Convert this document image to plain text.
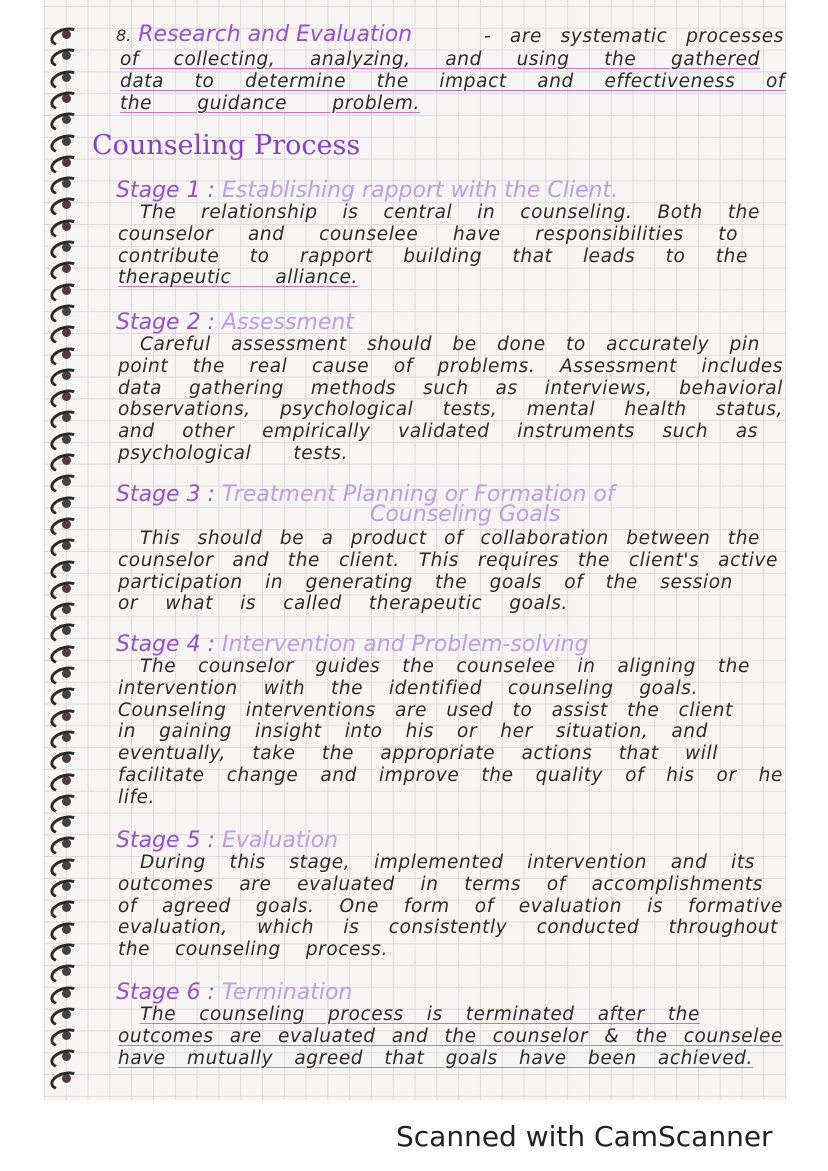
8. Research and Evaluation
Counseling Process
- are systematic processes
of collecting, analyzing, and using the gathered
data to determine the impact and effectiveness of
the guidance problem.
Stage 1 : Establishing rapport with the Client.
The relationship is central in counseling. Both the
counselor and counselee have responsibilities to
contribute to rapport building that leads to the
therapeutic alliance.
Stage 2 : Assessment
Careful assessment should be done to accurately pin
point the real cause of problems. Assessment includes
data gathering methods such as interviews, behavioral
observations, psychological tests, mental health status,
and other empirically validated instruments such as
psychological tests.
Stage 3 : Treatment Planning or Formation of
Counseling Goals
This should be a product of collaboration between the
counselor and the client. This requires the client's active
participation in generating the goals of the session
or what is called therapeutic goals.
Stage 4 : Intervention and Problem-solving
The counselor guides the counselee in aligning the
intervention with the identified counseling goals.
Counseling interventions are used to assist the client
in gaining insight into his or her situation, and
eventually, take the appropriate actions that will
facilitate change and improve the quality of his or he
life.
Stage 5 : Evaluation
During this stage, implemented intervention and its
outcomes are evaluated in terms of accomplishments
of agreed goals. One form of evaluation is formative
evaluation, which is consistently conducted throughout
the counseling process.
Stage 6 : Termination
The counseling process is terminated after the
outcomes are evaluated and the counselor & the counselee
have mutually agreed that goals have been achieved.
Scanned with CamScanner
